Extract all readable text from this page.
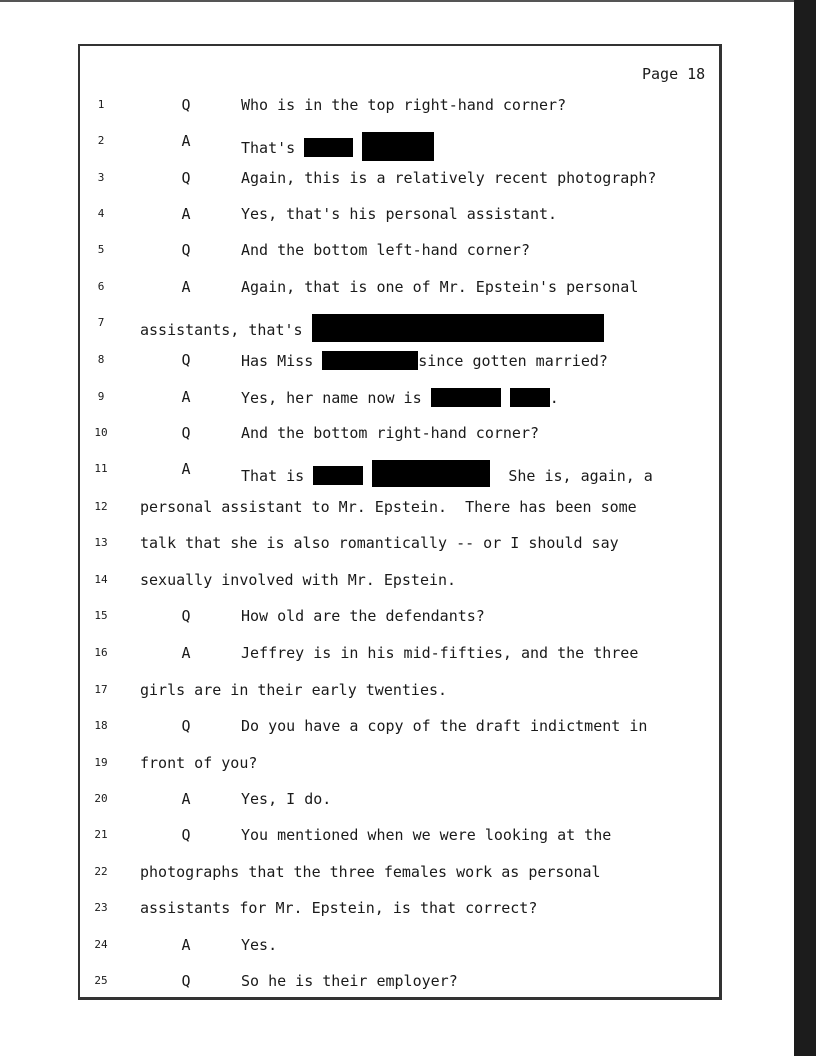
Page 18
1	Q	Who is in the top right-hand corner?
2	A	That's
3	Q	Again, this is a relatively recent photograph?
4	A	Yes, that's his personal assistant.
5	Q	And the bottom left-hand corner?
6	A	Again, that is one of Mr. Epstein's personal
7	assistants, that's
8	Q	Has Miss	since gotten married?
9	A	Yes, her name now is	.
10	Q	And the bottom right-hand corner?
11	A	That is	She is, again, a
12	personal assistant to Mr. Epstein.  There has been some
13	talk that she is also romantically -- or I should say
14	sexually involved with Mr. Epstein.
15	Q	How old are the defendants?
16	A	Jeffrey is in his mid-fifties, and the three
17	girls are in their early twenties.
18	Q	Do you have a copy of the draft indictment in
19	front of you?
20	A	Yes, I do.
21	Q	You mentioned when we were looking at the
22	photographs that the three females work as personal
23	assistants for Mr. Epstein, is that correct?
24	A	Yes.
25	Q	So he is their employer?
